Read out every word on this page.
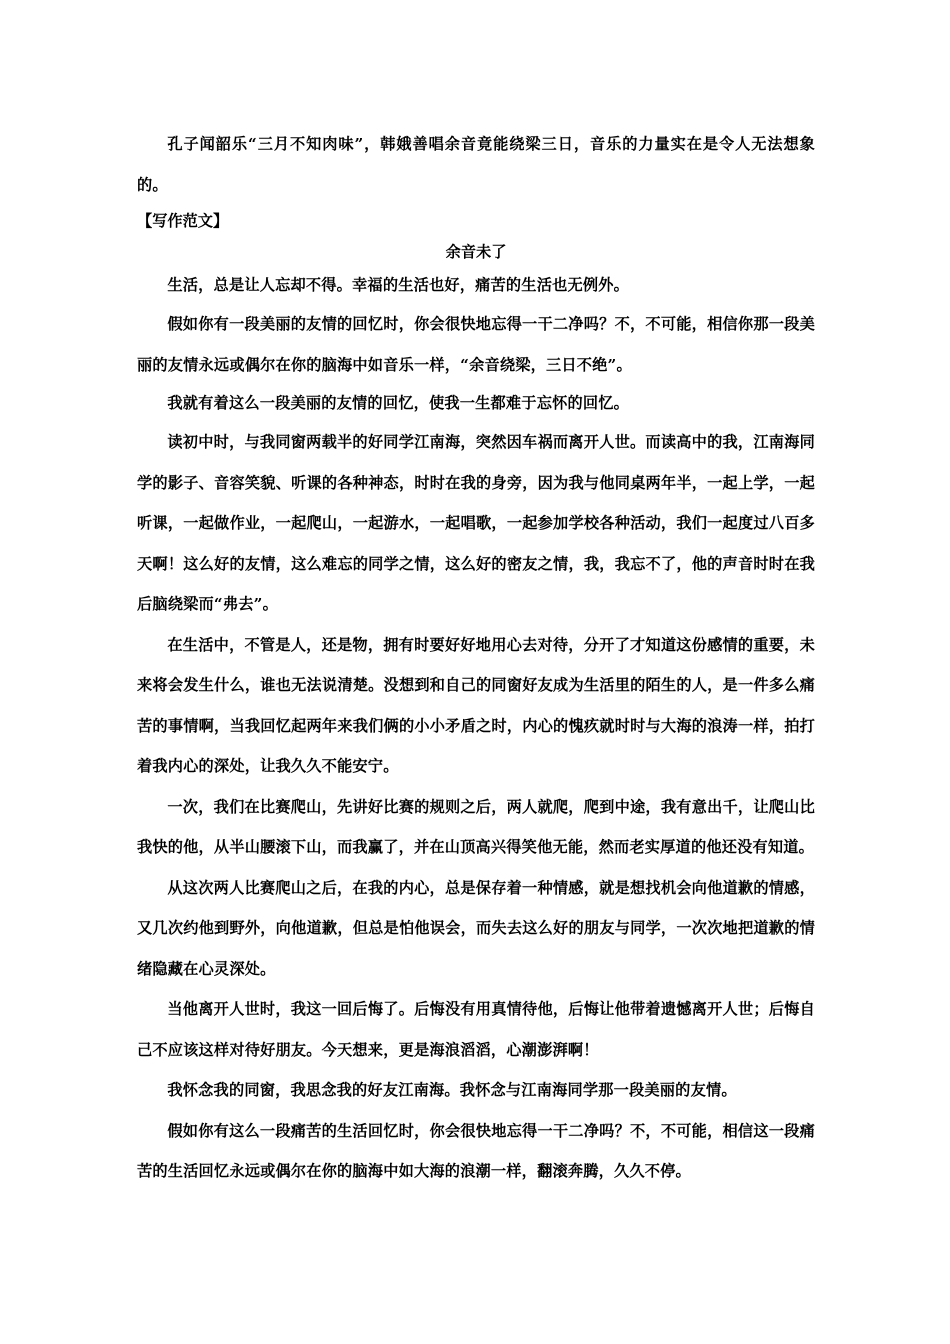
孔子闻韶乐“三月不知肉味”，韩娥善唱余音竟能绕梁三日，音乐的力量实在是令人无法想象的。

【写作范文】

余音未了

生活，总是让人忘却不得。幸福的生活也好，痛苦的生活也无例外。

假如你有一段美丽的友情的回忆时，你会很快地忘得一干二净吗？不，不可能，相信你那一段美丽的友情永远或偶尔在你的脑海中如音乐一样，“余音绕梁，三日不绝”。

我就有着这么一段美丽的友情的回忆，使我一生都难于忘怀的回忆。

读初中时，与我同窗两载半的好同学江南海，突然因车祸而离开人世。而读高中的我，江南海同学的影子、音容笑貌、听课的各种神态，时时在我的身旁，因为我与他同桌两年半，一起上学，一起听课，一起做作业，一起爬山，一起游水，一起唱歌，一起参加学校各种活动，我们一起度过八百多天啊！这么好的友情，这么难忘的同学之情，这么好的密友之情，我，我忘不了，他的声音时时在我后脑绕梁而“弗去”。

在生活中，不管是人，还是物，拥有时要好好地用心去对待，分开了才知道这份感情的重要，未来将会发生什么，谁也无法说清楚。没想到和自己的同窗好友成为生活里的陌生的人，是一件多么痛苦的事情啊，当我回忆起两年来我们俩的小小矛盾之时，内心的愧疚就时时与大海的浪涛一样，拍打着我内心的深处，让我久久不能安宁。

一次，我们在比赛爬山，先讲好比赛的规则之后，两人就爬，爬到中途，我有意出千，让爬山比我快的他，从半山腰滚下山，而我赢了，并在山顶高兴得笑他无能，然而老实厚道的他还没有知道。

从这次两人比赛爬山之后，在我的内心，总是保存着一种情感，就是想找机会向他道歉的情感，又几次约他到野外，向他道歉，但总是怕他误会，而失去这么好的朋友与同学，一次次地把道歉的情绪隐藏在心灵深处。

当他离开人世时，我这一回后悔了。后悔没有用真情待他，后悔让他带着遗憾离开人世；后悔自己不应该这样对待好朋友。今天想来，更是海浪滔滔，心潮澎湃啊！

我怀念我的同窗，我思念我的好友江南海。我怀念与江南海同学那一段美丽的友情。

假如你有这么一段痛苦的生活回忆时，你会很快地忘得一干二净吗？不，不可能，相信这一段痛苦的生活回忆永远或偶尔在你的脑海中如大海的浪潮一样，翻滚奔腾，久久不停。
